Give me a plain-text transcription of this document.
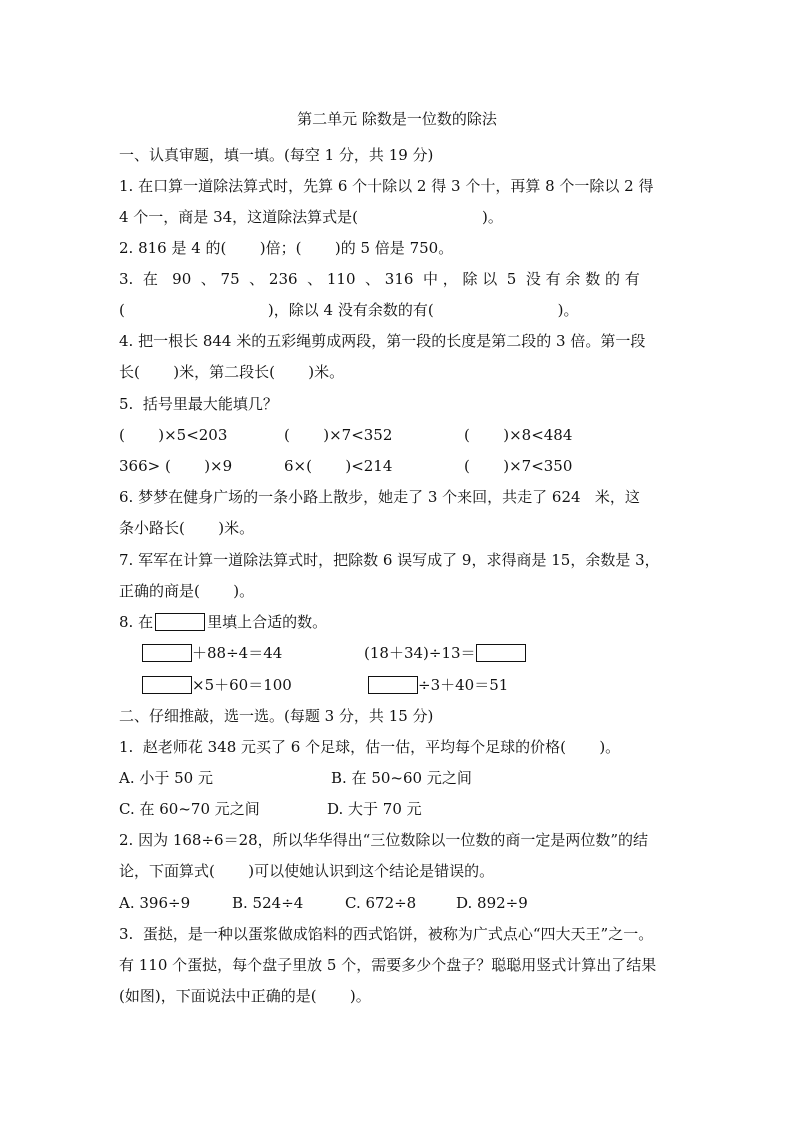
第二单元 除数是一位数的除法
一、认真审题，填一填。(每空 1 分，共 19 分)
1. 在口算一道除法算式时，先算 6 个十除以 2 得 3 个十，再算 8 个一除以 2 得
4 个一，商是 34，这道除法算式是(                          )。
2. 816 是 4 的(       )倍；(       )的 5 倍是 750。
3.  在   90  、 75  、 236  、 110  、 316  中 ， 除 以  5  没 有 余 数 的 有
(                              )，除以 4 没有余数的有(                          )。
4. 把一根长 844 米的五彩绳剪成两段，第一段的长度是第二段的 3 倍。第一段
长(       )米，第二段长(       )米。
5.  括号里最大能填几？
(       )×5<203	(       )×7<352	(       )×8<484
366> (       )×9	6×(       )<214	(       )×7<350
6. 梦梦在健身广场的一条小路上散步，她走了 3 个来回，共走了 624   米，这
条小路长(       )米。
7. 军军在计算一道除法算式时，把除数 6 误写成了 9，求得商是 15，余数是 3，
正确的商是(       )。
8. 在	里填上合适的数。
＋88÷4＝44	(18＋34)÷13＝
×5＋60＝100	÷3＋40＝51
二、仔细推敲，选一选。(每题 3 分，共 15 分)
1.  赵老师花 348 元买了 6 个足球，估一估，平均每个足球的价格(       )。
A. 小于 50 元	B. 在 50~60 元之间
C. 在 60~70 元之间	D. 大于 70 元
2. 因为 168÷6＝28，所以华华得出“三位数除以一位数的商一定是两位数”的结
论，下面算式(       )可以使她认识到这个结论是错误的。
A. 396÷9	B. 524÷4	C. 672÷8	D. 892÷9
3.  蛋挞，是一种以蛋浆做成馅料的西式馅饼，被称为广式点心“四大天王”之一。
有 110 个蛋挞，每个盘子里放 5 个，需要多少个盘子？聪聪用竖式计算出了结果
(如图)，下面说法中正确的是(       )。
